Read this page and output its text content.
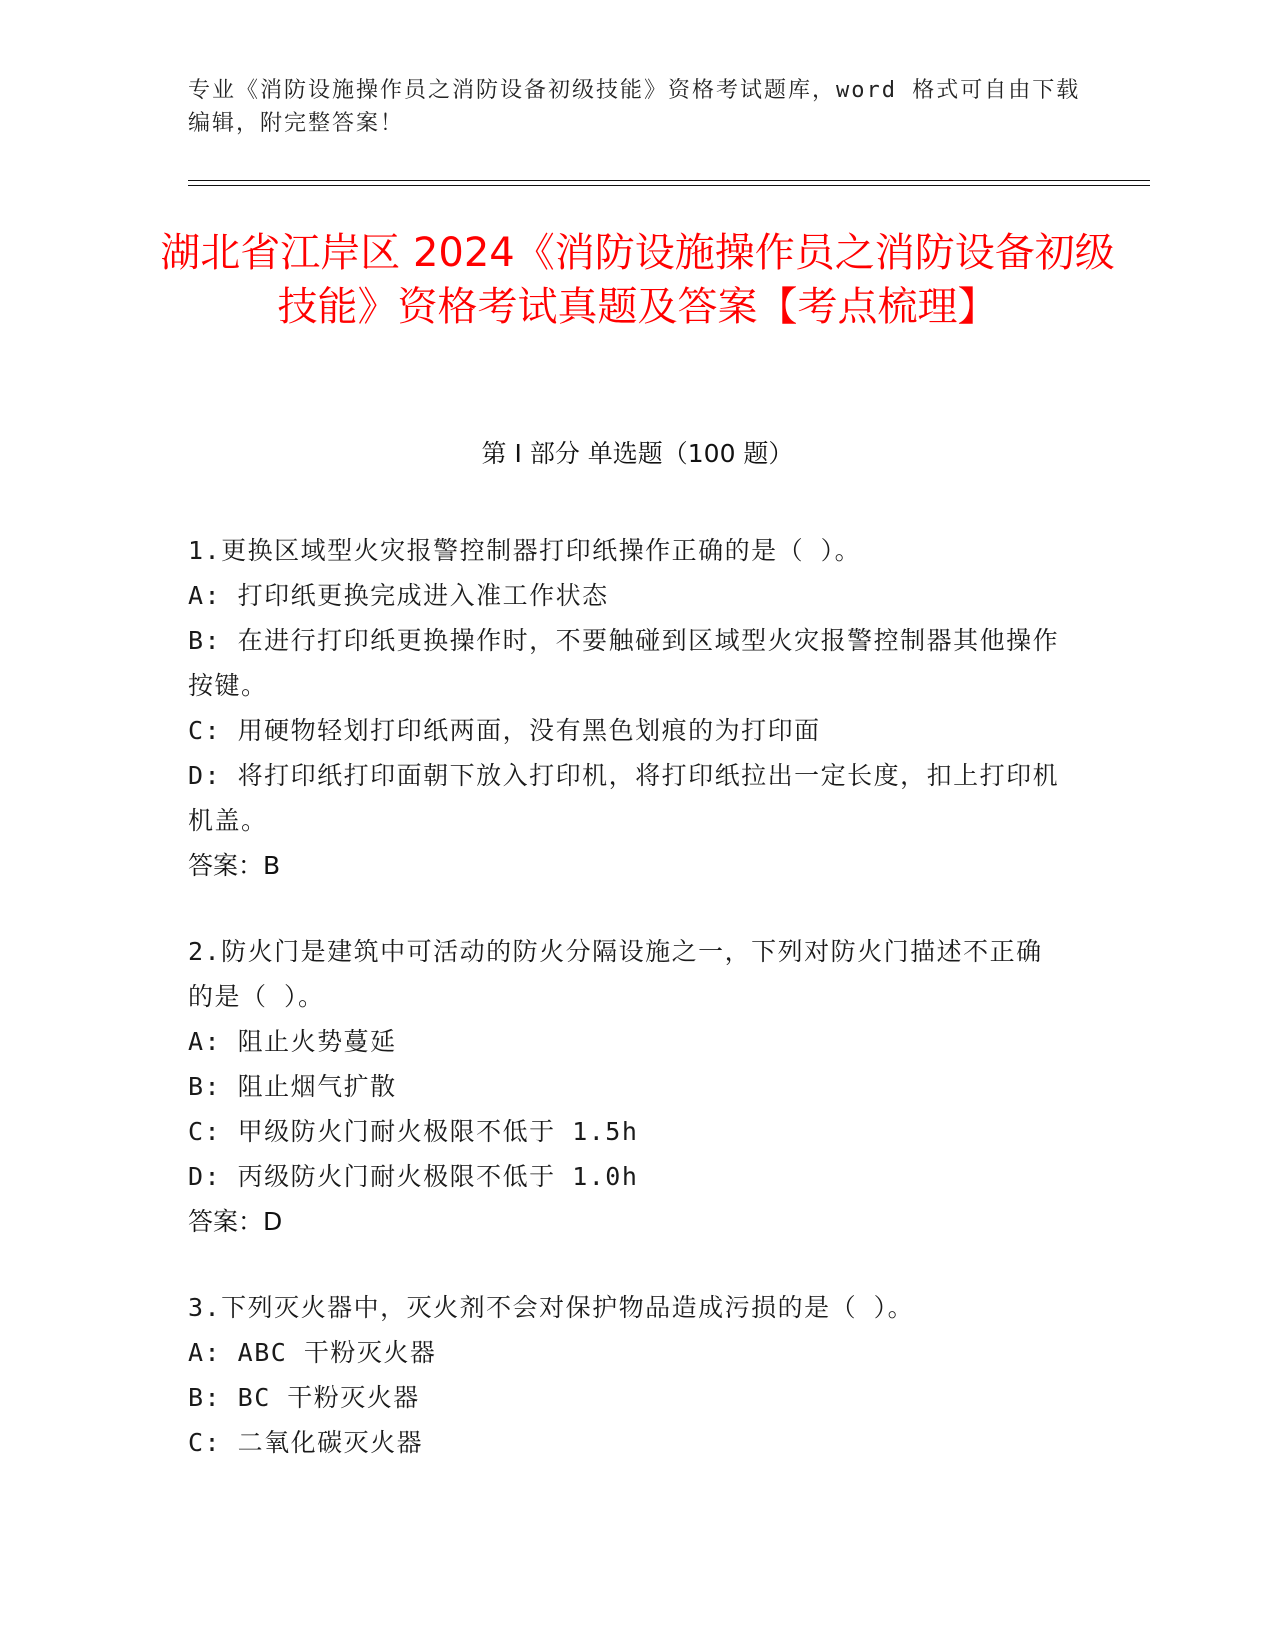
专业《消防设施操作员之消防设备初级技能》资格考试题库，word 格式可自由下载编辑，附完整答案！
湖北省江岸区 2024《消防设施操作员之消防设备初级技能》资格考试真题及答案【考点梳理】
第 I 部分 单选题（100 题）
1.更换区域型火灾报警控制器打印纸操作正确的是（ ）。
A: 打印纸更换完成进入准工作状态
B: 在进行打印纸更换操作时，不要触碰到区域型火灾报警控制器其他操作按键。
C: 用硬物轻划打印纸两面，没有黑色划痕的为打印面
D: 将打印纸打印面朝下放入打印机，将打印纸拉出一定长度，扣上打印机机盖。
答案：B
2.防火门是建筑中可活动的防火分隔设施之一，下列对防火门描述不正确的是（ ）。
A: 阻止火势蔓延
B: 阻止烟气扩散
C: 甲级防火门耐火极限不低于 1.5h
D: 丙级防火门耐火极限不低于 1.0h
答案：D
3.下列灭火器中，灭火剂不会对保护物品造成污损的是（ ）。
A: ABC 干粉灭火器
B: BC 干粉灭火器
C: 二氧化碳灭火器
